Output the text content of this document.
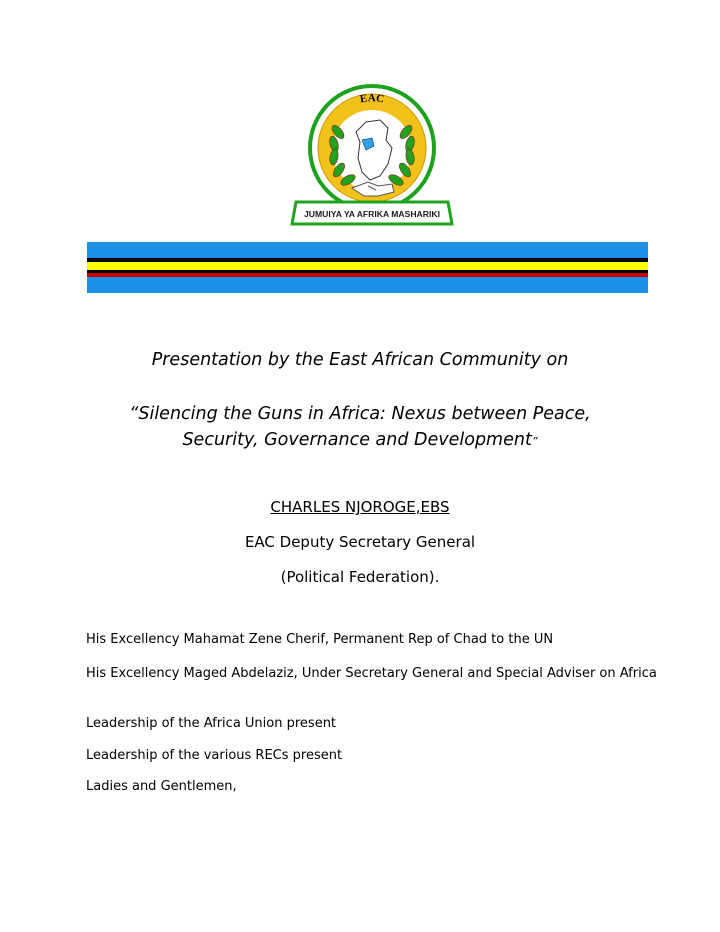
EAC
JUMUIYA YA AFRIKA MASHARIKI
Presentation by the East African Community on
“Silencing the Guns in Africa: Nexus between Peace,
Security, Governance and Development”
CHARLES NJOROGE,EBS
EAC Deputy Secretary General
(Political Federation).
His Excellency Mahamat Zene Cherif, Permanent Rep of Chad to the UN
His Excellency Maged Abdelaziz, Under Secretary General and Special Adviser on Africa
Leadership of the Africa Union present
Leadership of the various RECs present
Ladies and Gentlemen,
